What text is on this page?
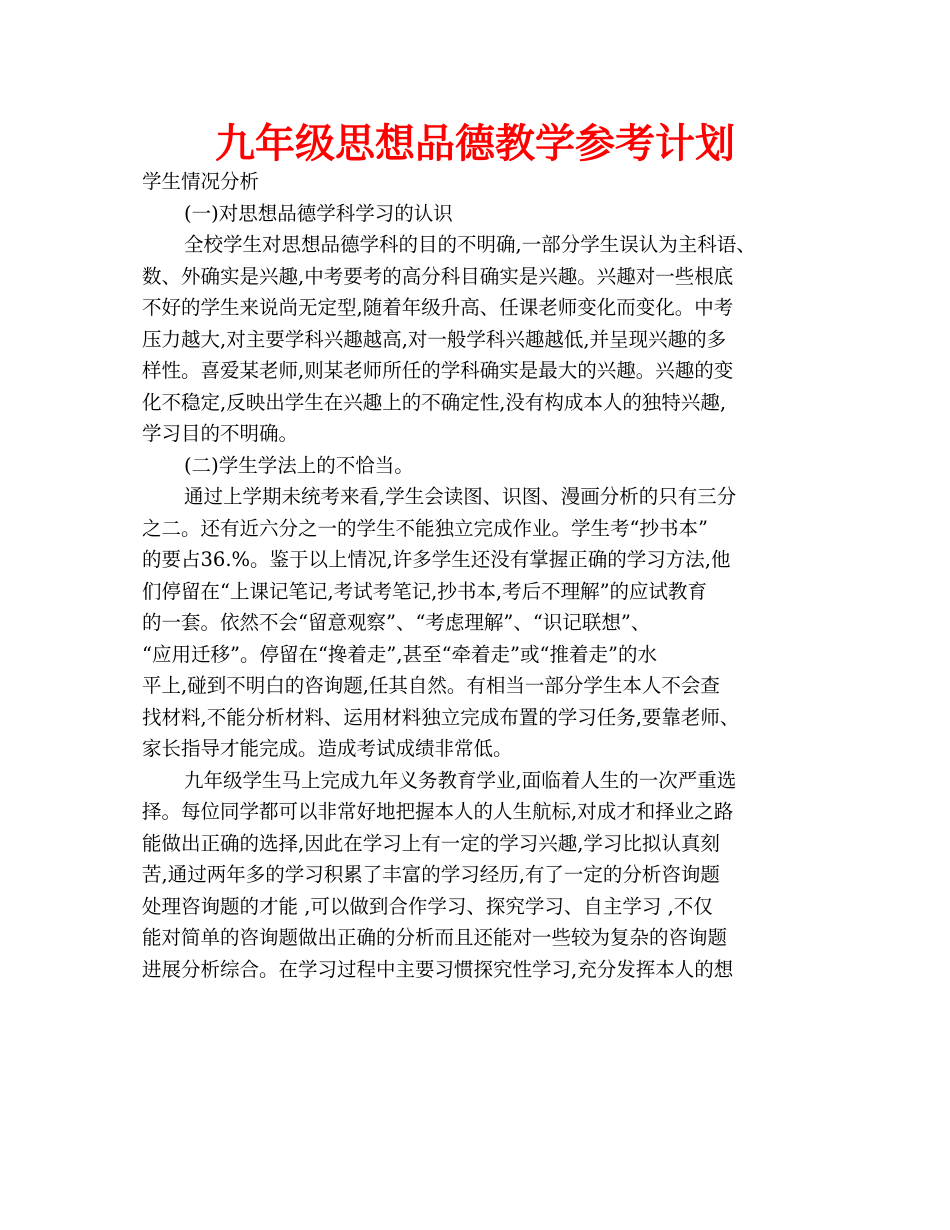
九年级思想品德教学参考计划
学生情况分析
(一)对思想品德学科学习的认识
全校学生对思想品德学科的目的不明确,一部分学生误认为主科语、
数、外确实是兴趣,中考要考的高分科目确实是兴趣。兴趣对一些根底
不好的学生来说尚无定型,随着年级升高、任课老师变化而变化。中考
压力越大,对主要学科兴趣越高,对一般学科兴趣越低,并呈现兴趣的多
样性。喜爱某老师,则某老师所任的学科确实是最大的兴趣。兴趣的变
化不稳定,反映出学生在兴趣上的不确定性,没有构成本人的独特兴趣,
学习目的不明确。
(二)学生学法上的不恰当。
通过上学期未统考来看,学生会读图、识图、漫画分析的只有三分
之二。还有近六分之一的学生不能独立完成作业。学生考“抄书本”
的要占36.%。鉴于以上情况,许多学生还没有掌握正确的学习方法,他
们停留在“上课记笔记,考试考笔记,抄书本,考后不理解”的应试教育
的一套。依然不会“留意观察”、“考虑理解”、“识记联想”、
“应用迁移”。停留在“搀着走”,甚至“牵着走”或“推着走”的水
平上,碰到不明白的咨询题,任其自然。有相当一部分学生本人不会查
找材料,不能分析材料、运用材料独立完成布置的学习任务,要靠老师、
家长指导才能完成。造成考试成绩非常低。
九年级学生马上完成九年义务教育学业,面临着人生的一次严重选
择。每位同学都可以非常好地把握本人的人生航标,对成才和择业之路
能做出正确的选择,因此在学习上有一定的学习兴趣,学习比拟认真刻
苦,通过两年多的学习积累了丰富的学习经历,有了一定的分析咨询题
处理咨询题的才能 ,可以做到合作学习、探究学习、自主学习 ,不仅
能对简单的咨询题做出正确的分析而且还能对一些较为复杂的咨询题
进展分析综合。在学习过程中主要习惯探究性学习,充分发挥本人的想
